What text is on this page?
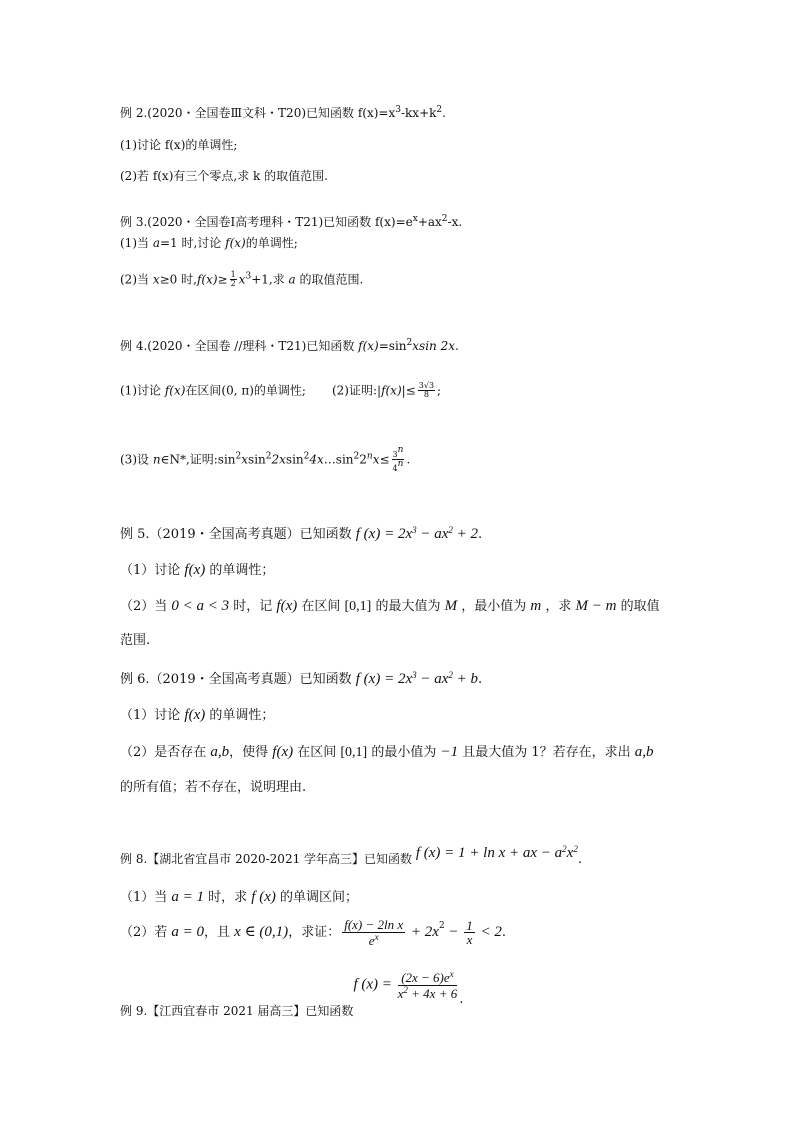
例 2.(2020・全国卷Ⅲ文科・T20)已知函数 $f(x)=x^3-kx+k^2$.
(1)讨论 f(x)的单调性;
(2)若 f(x)有三个零点,求 k 的取值范围.
例 3.(2020・全国卷Ⅰ高考理科・T21)已知函数 $f(x)=e^x+ax^2-x$.
(1)当 a=1 时,讨论 f(x)的单调性;
(2)当 x≥0 时$,f(x)\ge \frac{1}{2} x^3+1$,求 a 的取值范围.
例 4.(2020・全国卷 //理科・T21)已知函数 $f(x)=\sin^2xsin$ 2x.
(1)讨论 f(x)在区间(0, π)的单调性; (2)证明:|f(x)|≤ $\frac{3√3}{8}$ ;
(3)设 n∈N*,证明$:\sin^2xsin^22xsin^24x\dots\sin^22^nx\le \frac{3^n}{4^n}$ .
例 5.（2019・全国高考真题）已知函数 f $(x) = 2x^3 - ax^2 + 2$.
（1）讨论 f(x) 的单调性；
（2）当 0 < a < 3 时，记 f(x) 在区间 [0,1] 的最大值为 M ，最小值为 m ，求 M − m 的取值
范围.
例 6.（2019・全国高考真题）已知函数 f $(x) = 2x^3 - ax^2 + b$.
（1）讨论 f(x) 的单调性；
（2）是否存在 a,b，使得 f(x) 在区间 [0,1] 的最小值为 −1 且最大值为 1？若存在，求出 a,b
的所有值；若不存在，说明理由.
例 8.【湖北省宜昌市 2020-2021 学年高三】已知函数 f (x) = 1 + ln x + ax − $a^2x^2$.
（1）当 a = 1 时，求 f (x) 的单调区间；
（2）若 a = 0，且 x ∈ (0,1)，求证： $\frac{\text{f(x) − 2ln x}}{e^x} + 2x^2 - \frac{1}{x} < 2$.
例 9.【江西宜春市 2021 届高三】已知函数f $(x) = \frac{(2x - 6)e^x}{x^2 + 4x + 6}$ .
